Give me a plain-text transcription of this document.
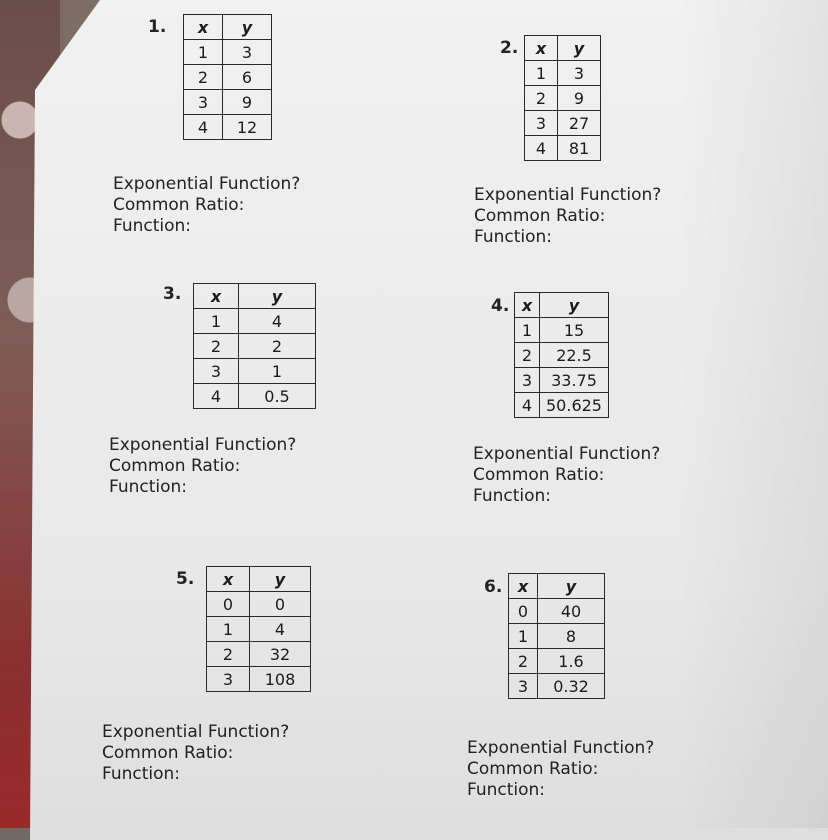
1. x	y
1	3
2	6
3	9
4	12
Exponential Function?
Common Ratio:
Function:
2. x	y
1	3
2	9
3	27
4	81
Exponential Function?
Common Ratio:
Function:
3. x	y
1	4
2	2
3	1
4	0.5
Exponential Function?
Common Ratio:
Function:
4. x	y
1	15
2	22.5
3	33.75
4	50.625
Exponential Function?
Common Ratio:
Function:
5. x	y
0	0
1	4
2	32
3	108
Exponential Function?
Common Ratio:
Function:
6. x	y
0	40
1	8
2	1.6
3	0.32
Exponential Function?
Common Ratio:
Function:
